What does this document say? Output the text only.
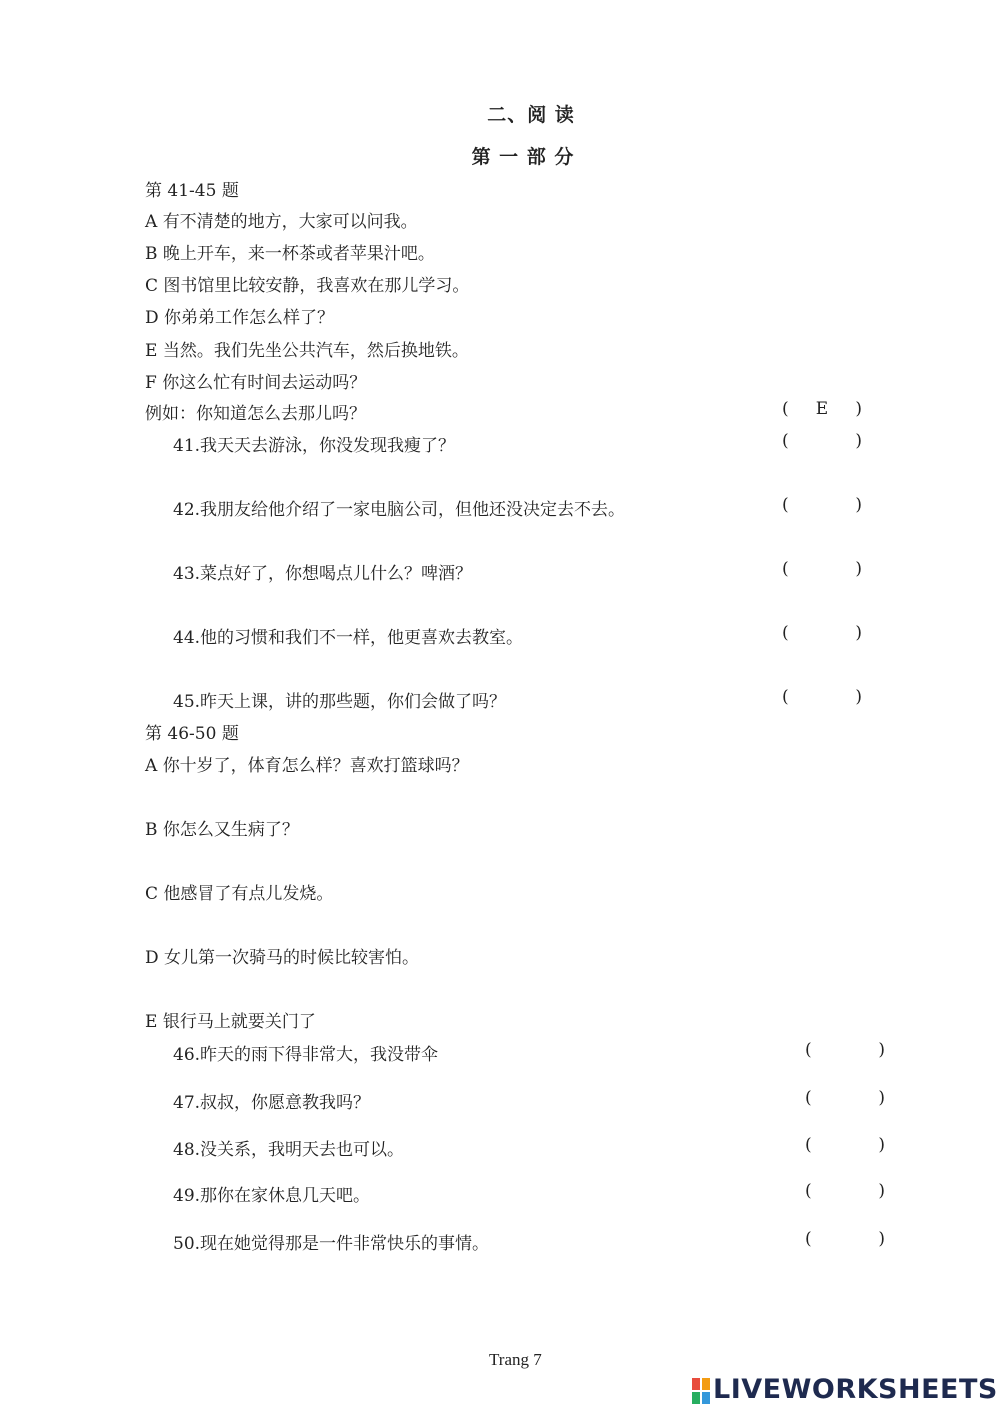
二、阅 读
第 一 部 分
第 41-45 题
A 有不清楚的地方，大家可以问我。
B 晚上开车，来一杯茶或者苹果汁吧。
C 图书馆里比较安静，我喜欢在那儿学习。
D 你弟弟工作怎么样了？
E 当然。我们先坐公共汽车，然后换地铁。
F 你这么忙有时间去运动吗？
例如：你知道怎么去那儿吗？	(	E	)
41.我天天去游泳，你没发现我瘦了？	(	)
42.我朋友给他介绍了一家电脑公司，但他还没决定去不去。	(	)
43.菜点好了，你想喝点儿什么？啤酒？	(	)
44.他的习惯和我们不一样，他更喜欢去教室。	(	)
45.昨天上课，讲的那些题，你们会做了吗？	(	)
第 46-50 题
A 你十岁了，体育怎么样？喜欢打篮球吗？
B 你怎么又生病了？
C 他感冒了有点儿发烧。
D 女儿第一次骑马的时候比较害怕。
E 银行马上就要关门了
46.昨天的雨下得非常大，我没带伞	(	)
47.叔叔，你愿意教我吗？	(	)
48.没关系，我明天去也可以。	(	)
49.那你在家休息几天吧。	(	)
50.现在她觉得那是一件非常快乐的事情。	(	)
Trang 7
LIVEWORKSHEETS
